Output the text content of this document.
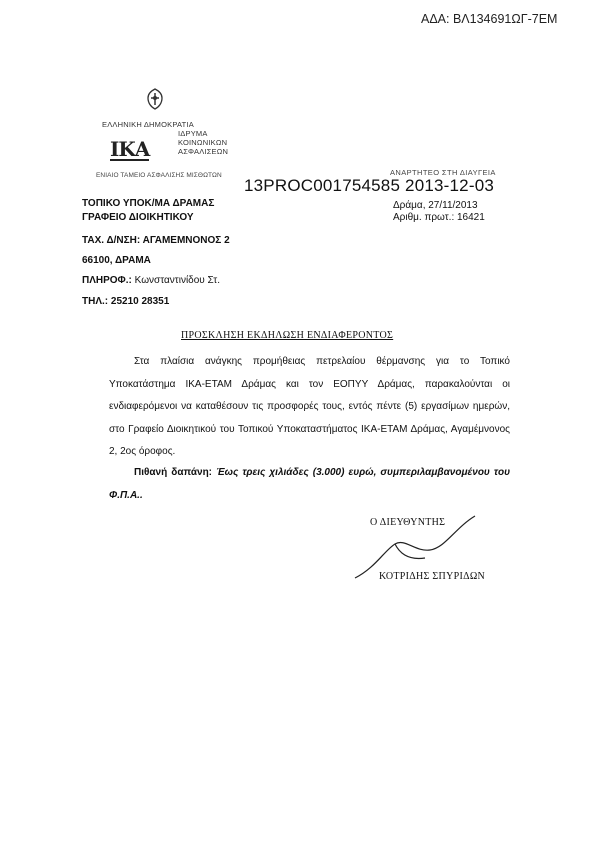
ΑΔΑ: ΒΛ134691ΩΓ-7ΕΜ
ΕΛΛΗΝΙΚΗ ΔΗΜΟΚΡΑΤΙΑ
ΙΔΡΥΜΑ
ΚΟΙΝΩΝΙΚΩΝ
ΑΣΦΑΛΙΣΕΩΝ
ΙΚΑ
ΕΝΙΑΙΟ ΤΑΜΕΙΟ ΑΣΦΑΛΙΣΗΣ ΜΙΣΘΩΤΩΝ	ΑΝΑΡΤΗΤΕΟ ΣΤΗ ΔΙΑΥΓΕΙΑ
13PROC001754585 2013-12-03
ΤΟΠΙΚΟ ΥΠΟΚ/ΜΑ ΔΡΑΜΑΣ
ΓΡΑΦΕΙΟ ΔΙΟΙΚΗΤΙΚΟΥ
ΤΑΧ. Δ/ΝΣΗ: ΑΓΑΜΕΜΝΟΝΟΣ 2
66100, ΔΡΑΜΑ
ΠΛΗΡΟΦ.: Κωνσταντινίδου Στ.
ΤΗΛ.: 25210 28351
Δράμα, 27/11/2013
Αριθμ. πρωτ.: 16421
ΠΡΟΣΚΛΗΣΗ ΕΚΔΗΛΩΣΗ ΕΝΔΙΑΦΕΡΟΝΤΟΣ
Στα πλαίσια ανάγκης προμήθειας πετρελαίου θέρμανσης για το Τοπικό Υποκατάστημα ΙΚΑ-ΕΤΑΜ Δράμας και τον ΕΟΠΥΥ Δράμας, παρακαλούνται οι ενδιαφερόμενοι να καταθέσουν τις προσφορές τους, εντός πέντε (5) εργασίμων ημερών, στο Γραφείο Διοικητικού του Τοπικού Υποκαταστήματος ΙΚΑ-ΕΤΑΜ Δράμας, Αγαμέμνονος 2, 2ος όροφος.
Πιθανή δαπάνη: Έως τρεις χιλιάδες (3.000) ευρώ, συμπεριλαμβανομένου του Φ.Π.Α..
Ο ΔΙΕΥΘΥΝΤΗΣ
ΚΟΤΡΙΔΗΣ ΣΠΥΡΙΔΩΝ
